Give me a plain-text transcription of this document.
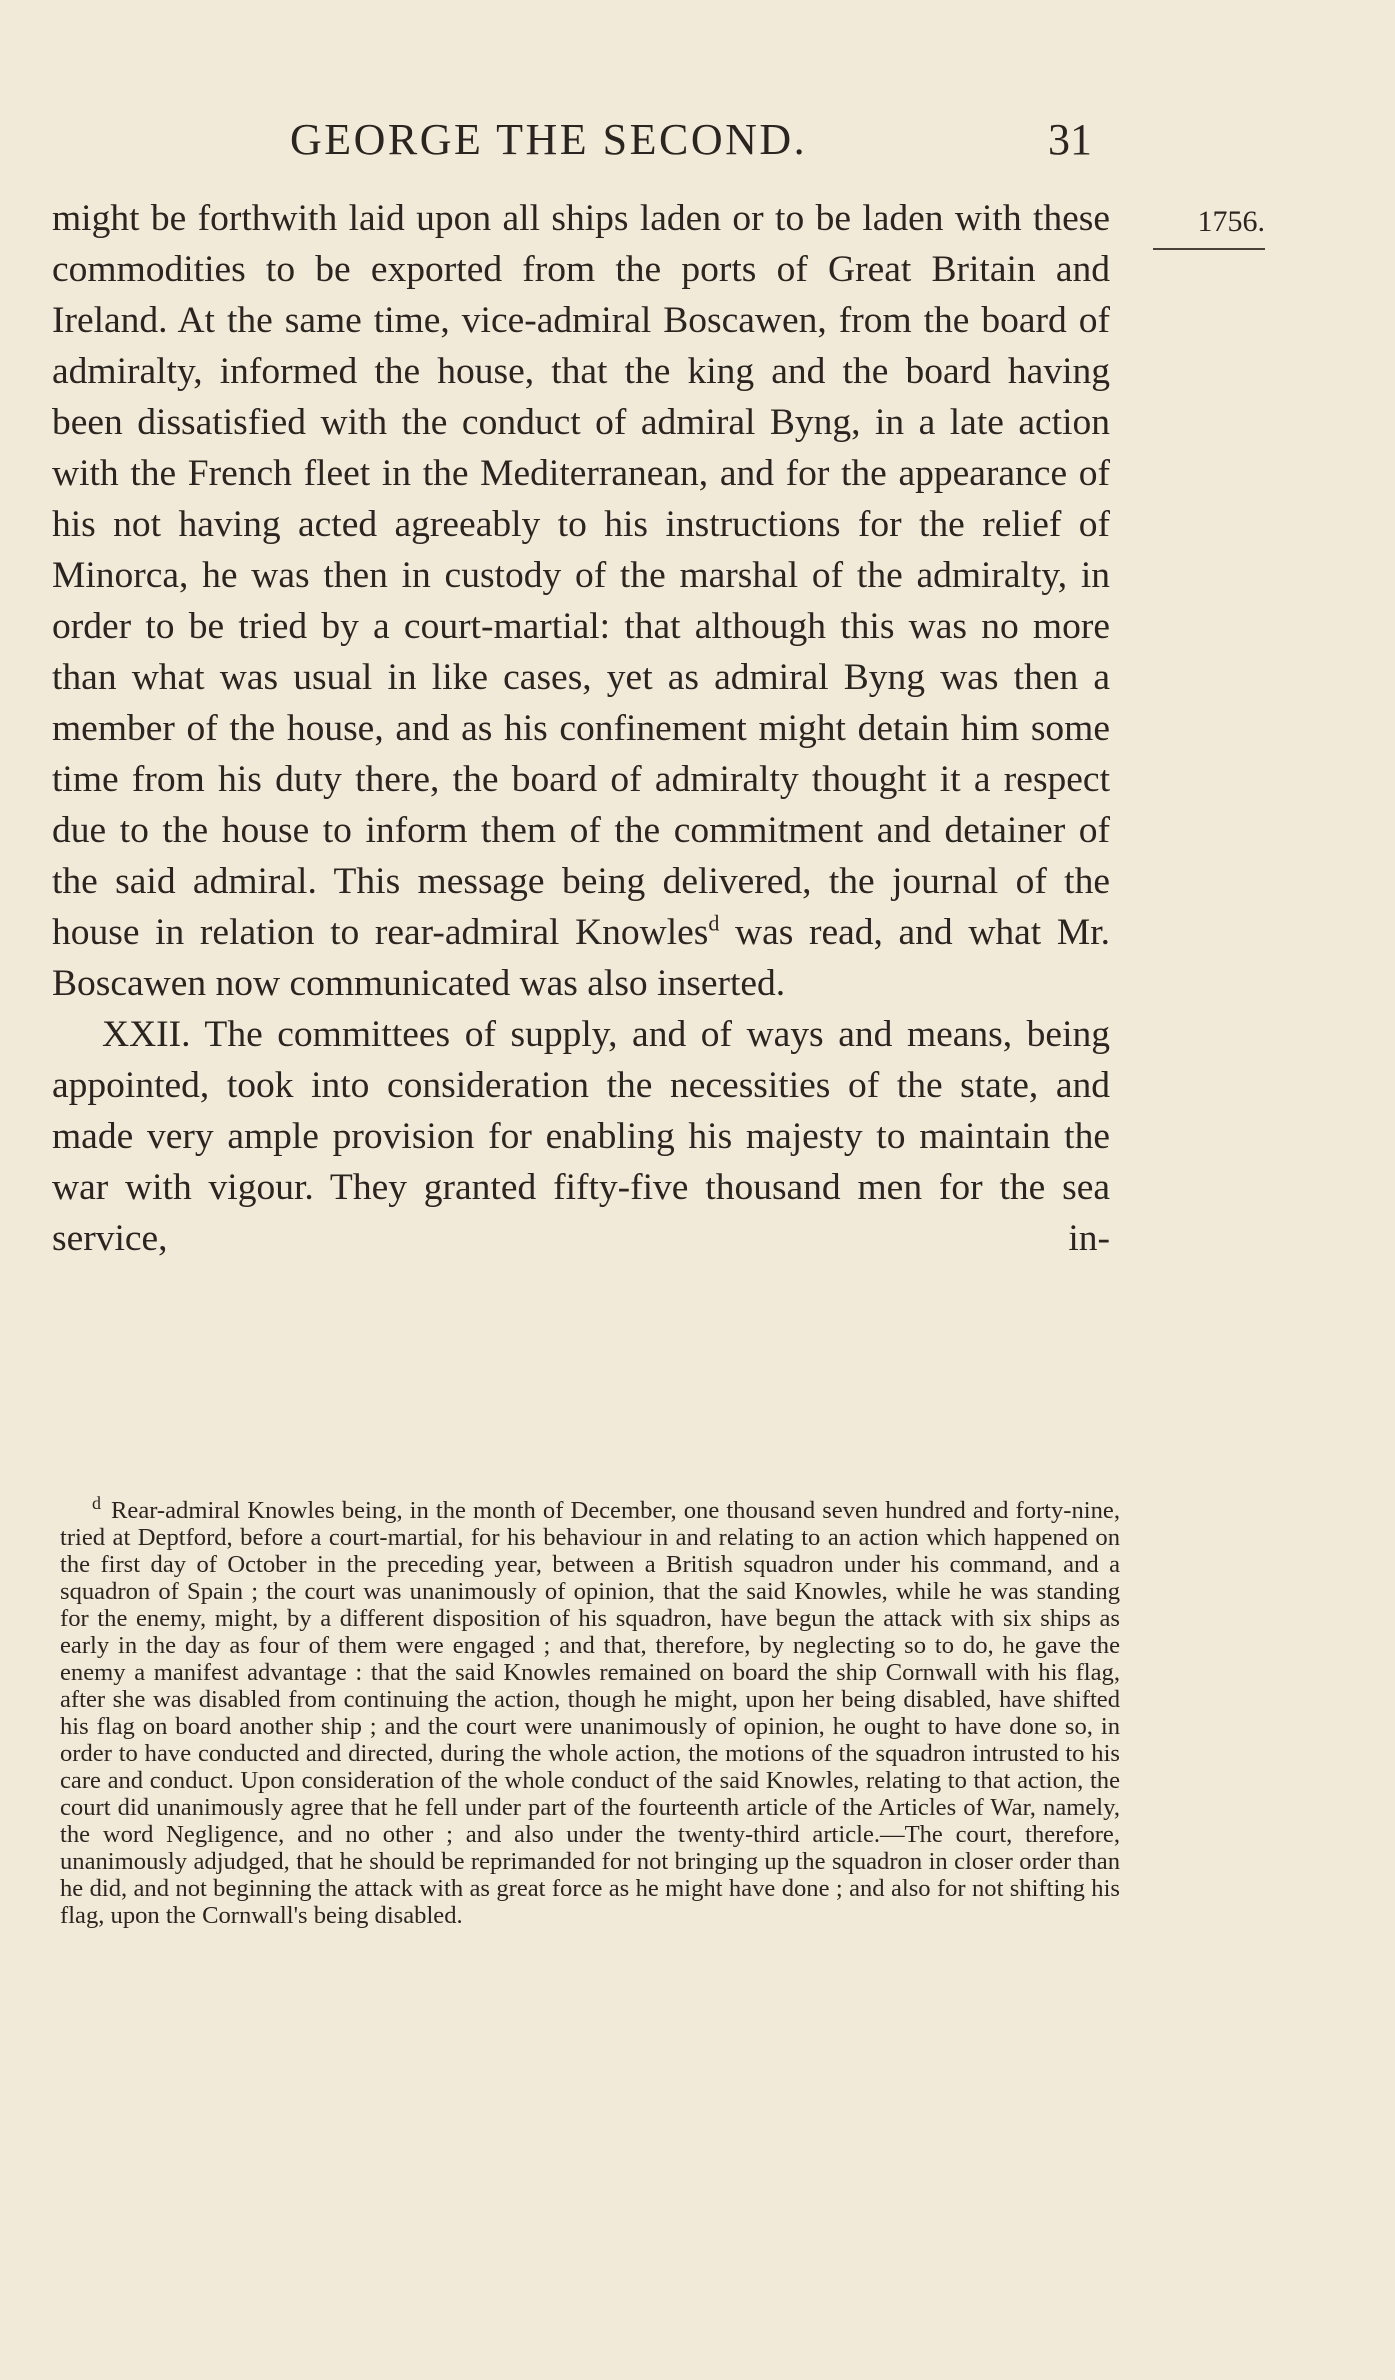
GEORGE THE SECOND.	31
1756.

might be forthwith laid upon all ships laden or to be laden with these commodities to be exported from the ports of Great Britain and Ireland. At the same time, vice-admiral Boscawen, from the board of admiralty, informed the house, that the king and the board having been dissatisfied with the conduct of admiral Byng, in a late action with the French fleet in the Mediterranean, and for the appearance of his not having acted agreeably to his instructions for the relief of Minorca, he was then in custody of the marshal of the admiralty, in order to be tried by a court-martial: that although this was no more than what was usual in like cases, yet as admiral Byng was then a member of the house, and as his confinement might detain him some time from his duty there, the board of admiralty thought it a respect due to the house to inform them of the commitment and detainer of the said admiral. This message being delivered, the journal of the house in relation to rear-admiral Knowles$^d$ was read, and what Mr. Boscawen now communicated was also inserted.

XXII. The committees of supply, and of ways and means, being appointed, took into consideration the necessities of the state, and made very ample provision for enabling his majesty to maintain the war with vigour. They granted fifty-five thousand men for the sea service, in-

$^d$ Rear-admiral Knowles being, in the month of December, one thousand seven hundred and forty-nine, tried at Deptford, before a court-martial, for his behaviour in and relating to an action which happened on the first day of October in the preceding year, between a British squadron under his command, and a squadron of Spain ; the court was unanimously of opinion, that the said Knowles, while he was standing for the enemy, might, by a different disposition of his squadron, have begun the attack with six ships as early in the day as four of them were engaged ; and that, therefore, by neglecting so to do, he gave the enemy a manifest advantage : that the said Knowles remained on board the ship Cornwall with his flag, after she was disabled from continuing the action, though he might, upon her being disabled, have shifted his flag on board another ship ; and the court were unanimously of opinion, he ought to have done so, in order to have conducted and directed, during the whole action, the motions of the squadron intrusted to his care and conduct. Upon consideration of the whole conduct of the said Knowles, relating to that action, the court did unanimously agree that he fell under part of the fourteenth article of the Articles of War, namely, the word Negligence, and no other ; and also under the twenty-third article.—The court, therefore, unanimously adjudged, that he should be reprimanded for not bringing up the squadron in closer order than he did, and not beginning the attack with as great force as he might have done ; and also for not shifting his flag, upon the Cornwall's being disabled.
